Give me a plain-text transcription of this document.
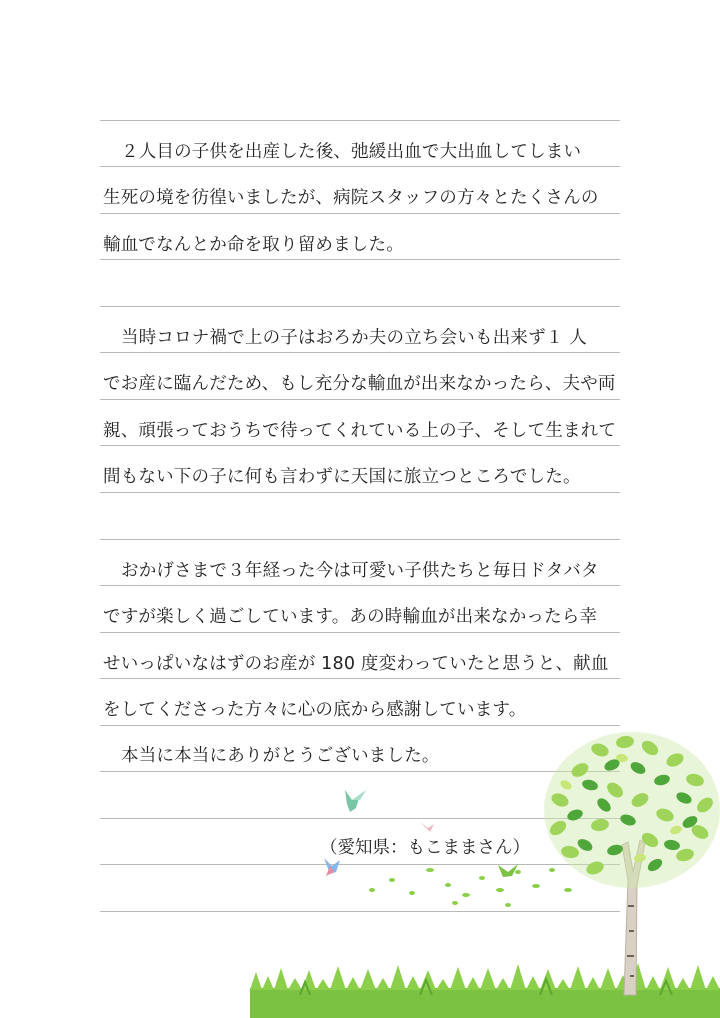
２人目の子供を出産した後、弛緩出血で大出血してしまい
生死の境を彷徨いましたが、病院スタッフの方々とたくさんの
輸血でなんとか命を取り留めました。
当時コロナ禍で上の子はおろか夫の立ち会いも出来ず１ 人
でお産に臨んだため、もし充分な輸血が出来なかったら、夫や両
親、頑張っておうちで待ってくれている上の子、そして生まれて
間もない下の子に何も言わずに天国に旅立つところでした。
おかげさまで３年経った今は可愛い子供たちと毎日ドタバタ
ですが楽しく過ごしています。あの時輸血が出来なかったら幸
せいっぱいなはずのお産が 180 度変わっていたと思うと、献血
をしてくださった方々に心の底から感謝しています。
本当に本当にありがとうございました。
（愛知県：もこままさん）
